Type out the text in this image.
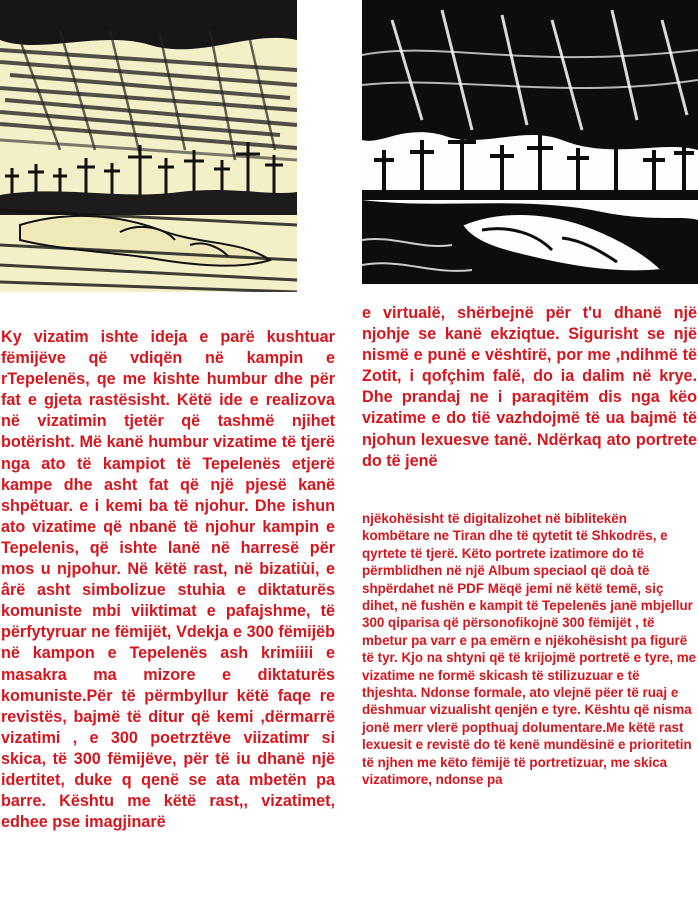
Ky vizatim ishte ideja e parë kushtuar fëmijëve që vdiqën në kampin e rTepelenës, qe me kishte humbur dhe për fat e gjeta rastësisht. Këtë ide e realizova në vizatimin tjetër që tashmë njihet botërisht. Më kanë humbur vizatime të tjerë nga ato të kampiot të Tepelenës etjerë kampe dhe asht fat që një pjesë kanë shpëtuar. e i kemi ba të njohur. Dhe ishun ato vizatime që nbanë të njohur kampin e Tepelenis, që ishte lanë në harresë për mos u njpohur. Në këtë rast, në bizatiùi, e ârë asht simbolizue stuhia e diktaturës komuniste mbi viiktimat e pafajshme, të përfytyruar ne fëmijët, Vdekja e 300 fëmijëb në kampon e Tepelenës ash krimiiii e masakra ma mizore e diktaturës komuniste.Për të përmbyllur këtë faqe re revistës, bajmë të ditur që kemi ,dërmarrë vizatimi , e 300 poetrztëve viizatimr si skica, të 300 fëmijëve, për të iu dhanë një idertitet, duke q qenë se ata mbetën pa barre. Kështu me këtë rast,, vizatimet, edhee pse imagjinarë

e virtualë, shërbejnë për t'u dhanë një njohje se kanë ekziqtue. Sigurisht se një nismë e punë e vështirë, por me ,ndihmë të Zotit, i qofçhim falë, do ia dalim në krye. Dhe prandaj ne i paraqitëm dis nga këo vizatime e do tië vazhdojmë të ua bajmë të njohun lexuesve tanë. Ndërkaq ato portrete do të jenë

njëkohësisht të digitalizohet në biblitekën kombëtare ne Tiran dhe të qytetit të Shkodrës, e qyrtete të tjerë. Këto portrete izatimore do të përmblidhen në një Album speciaol që doà të shpërdahet në PDF Mëqë jemi në këtë temë, siç dihet, në fushën e kampit të Tepelenës janë mbjellur 300 qiparisa që përsonofikojnë 300 fëmijët , të mbetur pa varr e pa emërn e njëkohësisht pa figurë të tyr. Kjo na shtyni që të krijojmë portretë e tyre, me vizatime ne formë skicash të stilizuzuar e të thjeshta. Ndonse formale, ato vlejnë pëer të ruaj e dëshmuar vizualisht qenjën e tyre. Kështu që nisma jonë merr vlerë popthuaj dolumentare.Me këtë rast lexuesit e revistë do të kenë mundësinë e prioritetin të njhen me këto fëmijë të portretizuar, me skica vizatimore, ndonse pa
